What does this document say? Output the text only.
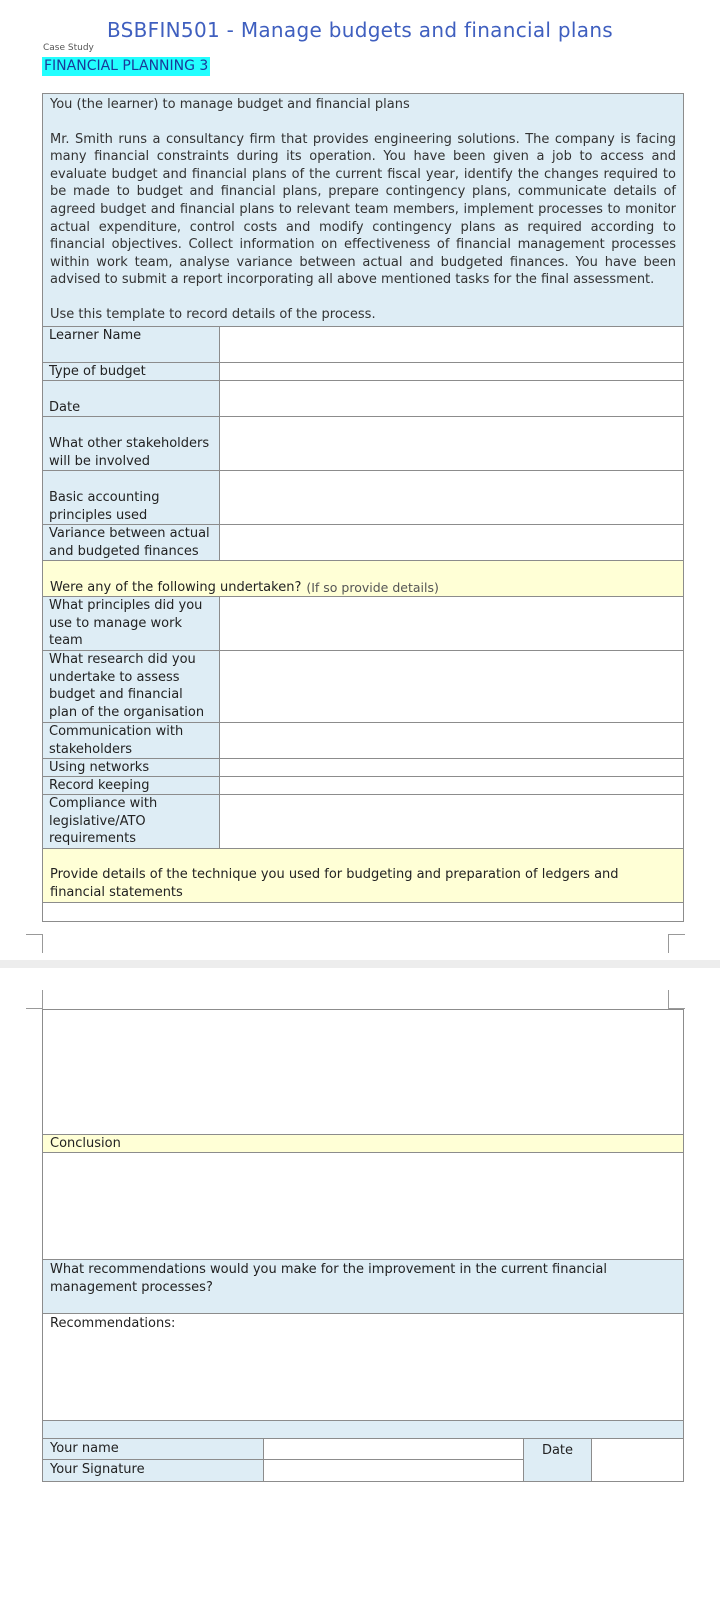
BSBFIN501 - Manage budgets and financial plans
Case Study
FINANCIAL PLANNING 3

You (the learner) to manage budget and financial plans

Mr. Smith runs a consultancy firm that provides engineering solutions. The company is facing many financial constraints during its operation. You have been given a job to access and evaluate budget and financial plans of the current fiscal year, identify the changes required to be made to budget and financial plans, prepare contingency plans, communicate details of agreed budget and financial plans to relevant team members, implement processes to monitor actual expenditure, control costs and modify contingency plans as required according to financial objectives. Collect information on effectiveness of financial management processes within work team, analyse variance between actual and budgeted finances. You have been advised to submit a report incorporating all above mentioned tasks for the final assessment.

Use this template to record details of the process.

Learner Name
Type of budget
Date
What other stakeholders will be involved
Basic accounting principles used
Variance between actual and budgeted finances
Were any of the following undertaken? (If so provide details)
What principles did you use to manage work team
What research did you undertake to assess budget and financial plan of the organisation
Communication with stakeholders
Using networks
Record keeping
Compliance with legislative/ATO requirements
Provide details of the technique you used for budgeting and preparation of ledgers and financial statements
Conclusion
What recommendations would you make for the improvement in the current financial management processes?
Recommendations:
Your name
Your Signature
Date
